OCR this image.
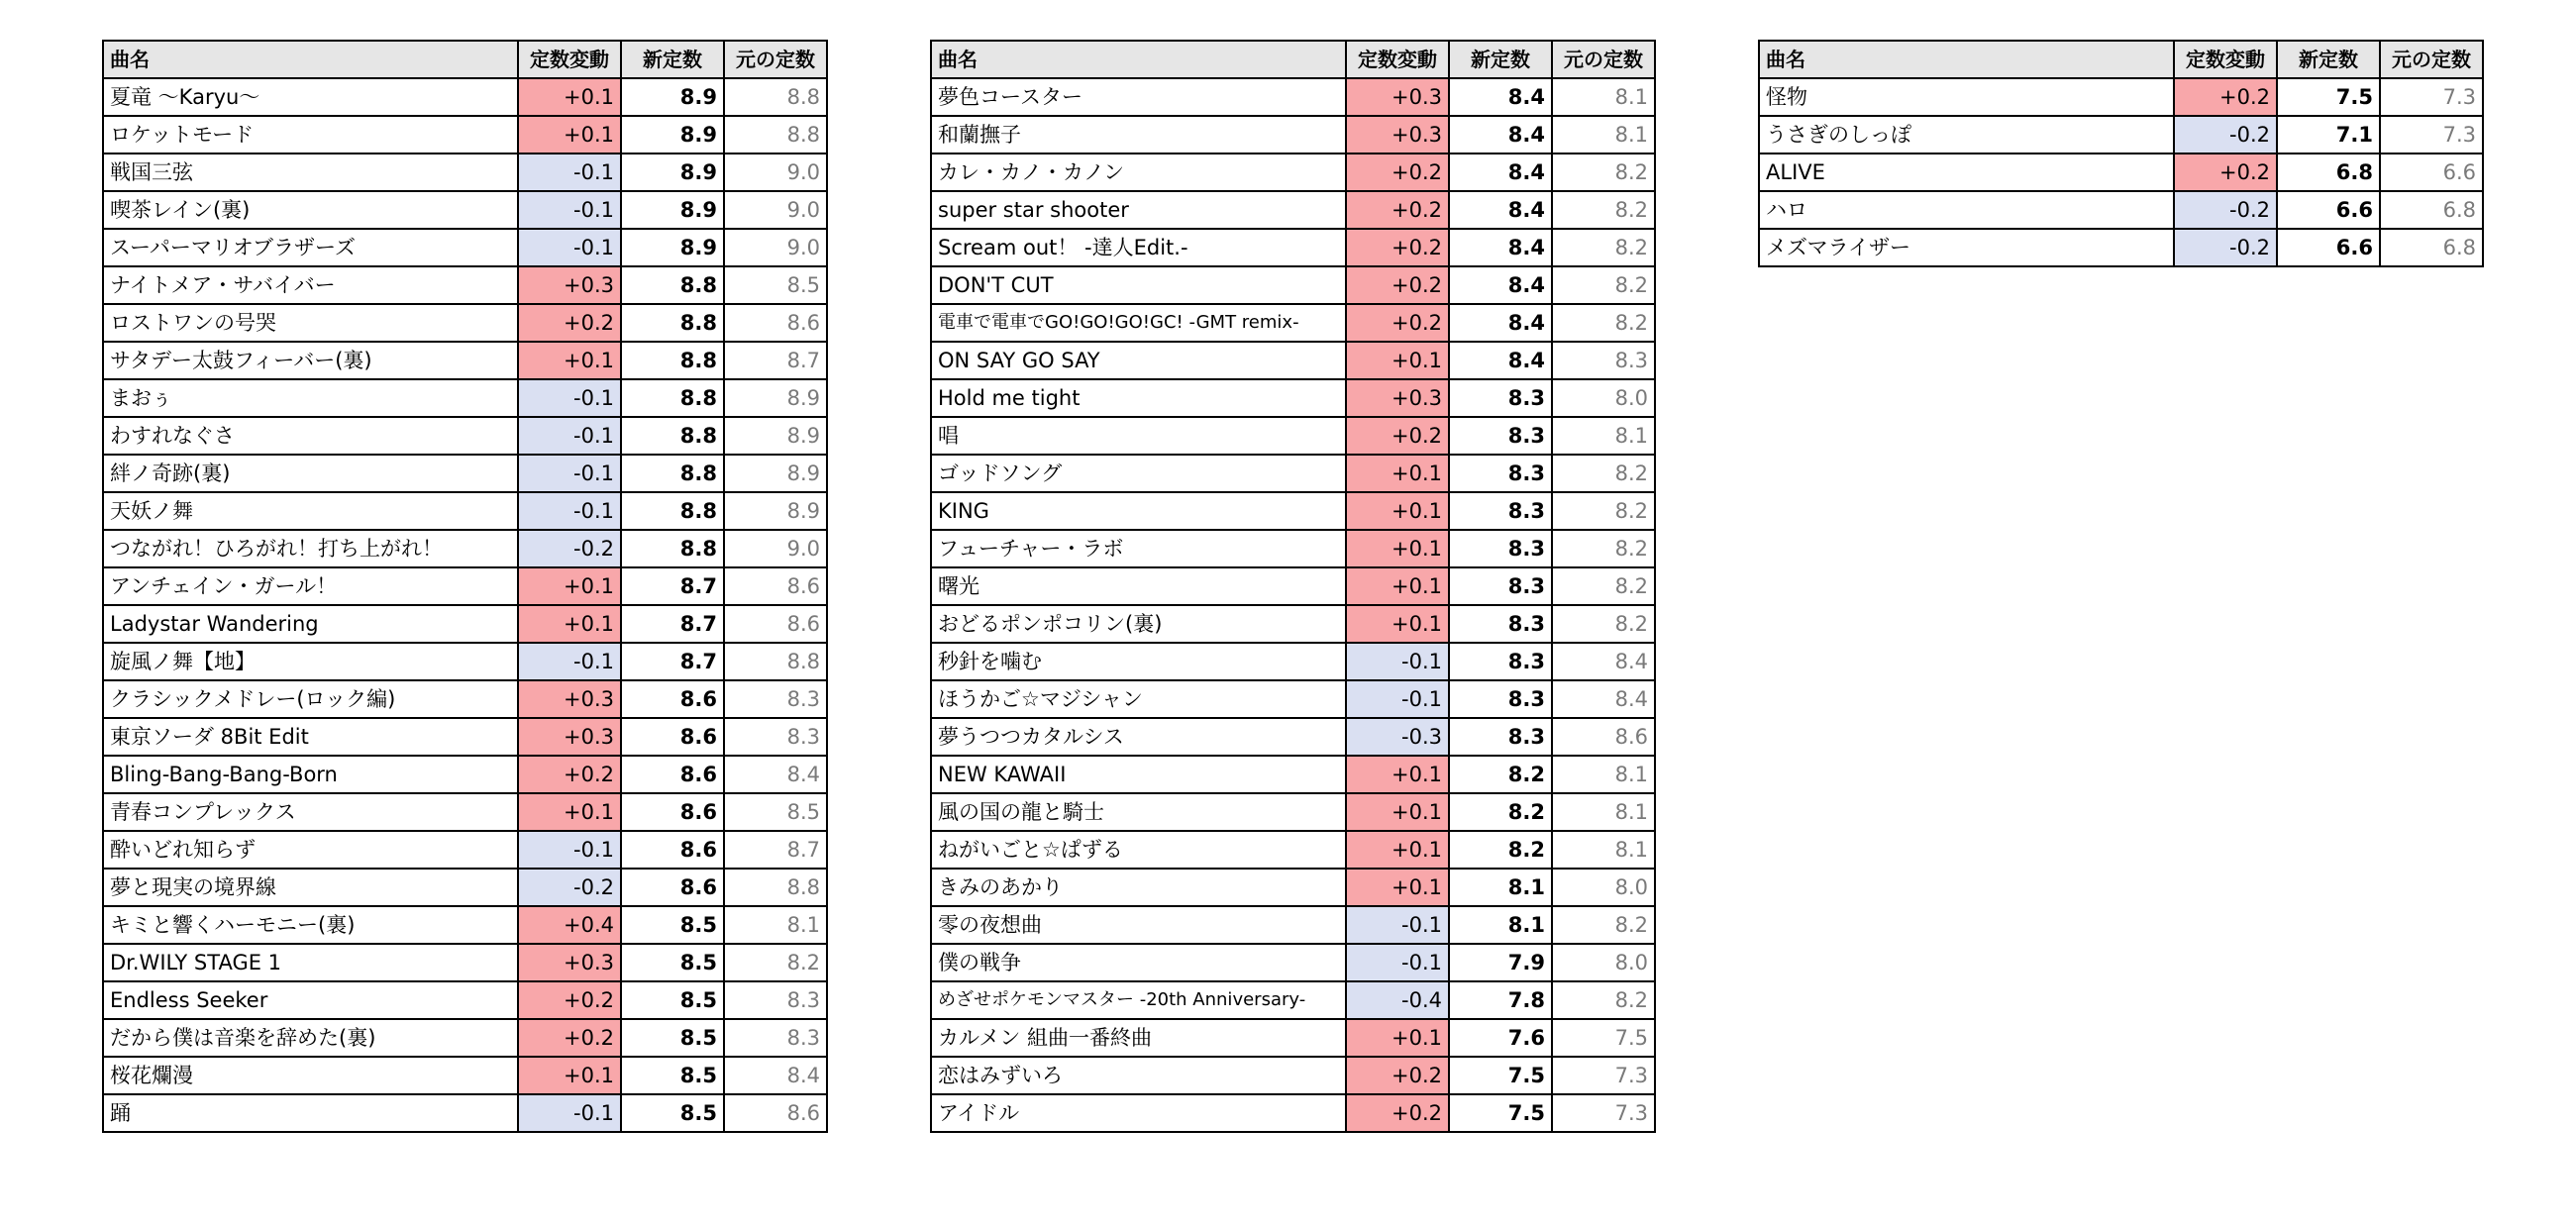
曲名	定数変動	新定数	元の定数
夏竜 ～Karyu～	+0.1	8.9	8.8
ロケットモード	+0.1	8.9	8.8
戦国三弦	-0.1	8.9	9.0
喫茶レイン(裏)	-0.1	8.9	9.0
スーパーマリオブラザーズ	-0.1	8.9	9.0
ナイトメア・サバイバー	+0.3	8.8	8.5
ロストワンの号哭	+0.2	8.8	8.6
サタデー太鼓フィーバー(裏)	+0.1	8.8	8.7
まおぅ	-0.1	8.8	8.9
わすれなぐさ	-0.1	8.8	8.9
絆ノ奇跡(裏)	-0.1	8.8	8.9
天妖ノ舞	-0.1	8.8	8.9
つながれ！ひろがれ！打ち上がれ！	-0.2	8.8	9.0
アンチェイン・ガール！	+0.1	8.7	8.6
Ladystar Wandering	+0.1	8.7	8.6
旋風ノ舞【地】	-0.1	8.7	8.8
クラシックメドレー(ロック編)	+0.3	8.6	8.3
東京ソーダ 8Bit Edit	+0.3	8.6	8.3
Bling-Bang-Bang-Born	+0.2	8.6	8.4
青春コンプレックス	+0.1	8.6	8.5
酔いどれ知らず	-0.1	8.6	8.7
夢と現実の境界線	-0.2	8.6	8.8
キミと響くハーモニー(裏)	+0.4	8.5	8.1
Dr.WILY STAGE 1	+0.3	8.5	8.2
Endless Seeker	+0.2	8.5	8.3
だから僕は音楽を辞めた(裏)	+0.2	8.5	8.3
桜花爛漫	+0.1	8.5	8.4
踊	-0.1	8.5	8.6
曲名	定数変動	新定数	元の定数
夢色コースター	+0.3	8.4	8.1
和蘭撫子	+0.3	8.4	8.1
カレ・カノ・カノン	+0.2	8.4	8.2
super star shooter	+0.2	8.4	8.2
Scream out！ -達人Edit.-	+0.2	8.4	8.2
DON'T CUT	+0.2	8.4	8.2
電車で電車でGO!GO!GO!GC! -GMT remix-	+0.2	8.4	8.2
ON SAY GO SAY	+0.1	8.4	8.3
Hold me tight	+0.3	8.3	8.0
唱	+0.2	8.3	8.1
ゴッドソング	+0.1	8.3	8.2
KING	+0.1	8.3	8.2
フューチャー・ラボ	+0.1	8.3	8.2
曙光	+0.1	8.3	8.2
おどるポンポコリン(裏)	+0.1	8.3	8.2
秒針を噛む	-0.1	8.3	8.4
ほうかご☆マジシャン	-0.1	8.3	8.4
夢うつつカタルシス	-0.3	8.3	8.6
NEW KAWAII	+0.1	8.2	8.1
風の国の龍と騎士	+0.1	8.2	8.1
ねがいごと☆ぱずる	+0.1	8.2	8.1
きみのあかり	+0.1	8.1	8.0
零の夜想曲	-0.1	8.1	8.2
僕の戦争	-0.1	7.9	8.0
めざせポケモンマスター -20th Anniversary-	-0.4	7.8	8.2
カルメン 組曲一番終曲	+0.1	7.6	7.5
恋はみずいろ	+0.2	7.5	7.3
アイドル	+0.2	7.5	7.3
曲名	定数変動	新定数	元の定数
怪物	+0.2	7.5	7.3
うさぎのしっぽ	-0.2	7.1	7.3
ALIVE	+0.2	6.8	6.6
ハロ	-0.2	6.6	6.8
メズマライザー	-0.2	6.6	6.8
